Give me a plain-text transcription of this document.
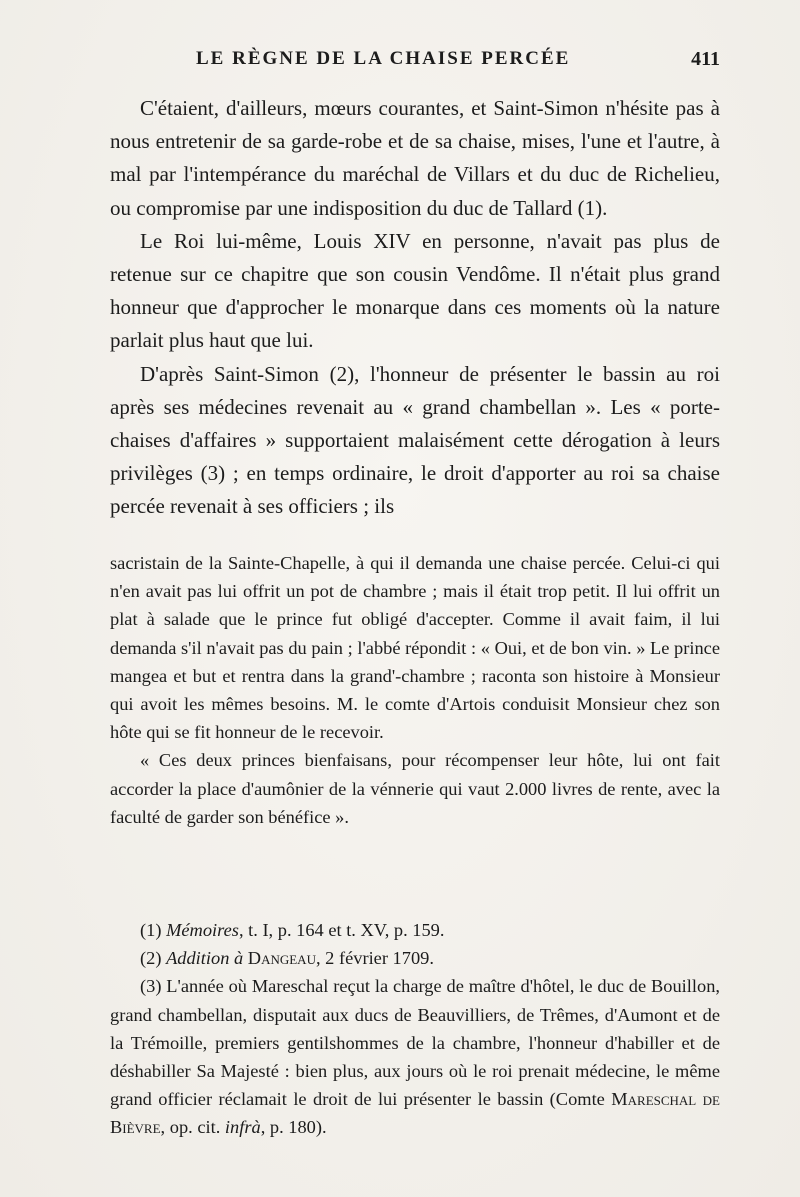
LE RÈGNE DE LA CHAISE PERCÉE	411

C'étaient, d'ailleurs, mœurs courantes, et Saint-Simon n'hésite pas à nous entretenir de sa garde-robe et de sa chaise, mises, l'une et l'autre, à mal par l'intempérance du maréchal de Villars et du duc de Richelieu, ou compromise par une indisposition du duc de Tallard (1).

Le Roi lui-même, Louis XIV en personne, n'avait pas plus de retenue sur ce chapitre que son cousin Vendôme. Il n'était plus grand honneur que d'approcher le monarque dans ces moments où la nature parlait plus haut que lui.

D'après Saint-Simon (2), l'honneur de présenter le bassin au roi après ses médecines revenait au « grand chambellan ». Les « porte-chaises d'affaires » supportaient malaisément cette dérogation à leurs privilèges (3) ; en temps ordinaire, le droit d'apporter au roi sa chaise percée revenait à ses officiers ; ils

sacristain de la Sainte-Chapelle, à qui il demanda une chaise percée. Celui-ci qui n'en avait pas lui offrit un pot de chambre ; mais il était trop petit. Il lui offrit un plat à salade que le prince fut obligé d'accepter. Comme il avait faim, il lui demanda s'il n'avait pas du pain ; l'abbé répondit : « Oui, et de bon vin. » Le prince mangea et but et rentra dans la grand'-chambre ; raconta son histoire à Monsieur qui avoit les mêmes besoins. M. le comte d'Artois conduisit Monsieur chez son hôte qui se fit honneur de le recevoir.

« Ces deux princes bienfaisans, pour récompenser leur hôte, lui ont fait accorder la place d'aumônier de la vénnerie qui vaut 2.000 livres de rente, avec la faculté de garder son bénéfice ».

(1) Mémoires, t. I, p. 164 et t. XV, p. 159.

(2) Addition à Dangeau, 2 février 1709.

(3) L'année où Mareschal reçut la charge de maître d'hôtel, le duc de Bouillon, grand chambellan, disputait aux ducs de Beauvilliers, de Trêmes, d'Aumont et de la Trémoille, premiers gentilshommes de la chambre, l'honneur d'habiller et de déshabiller Sa Majesté : bien plus, aux jours où le roi prenait médecine, le même grand officier réclamait le droit de lui présenter le bassin (Comte Mareschal de Bièvre, op. cit. infrà, p. 180).
